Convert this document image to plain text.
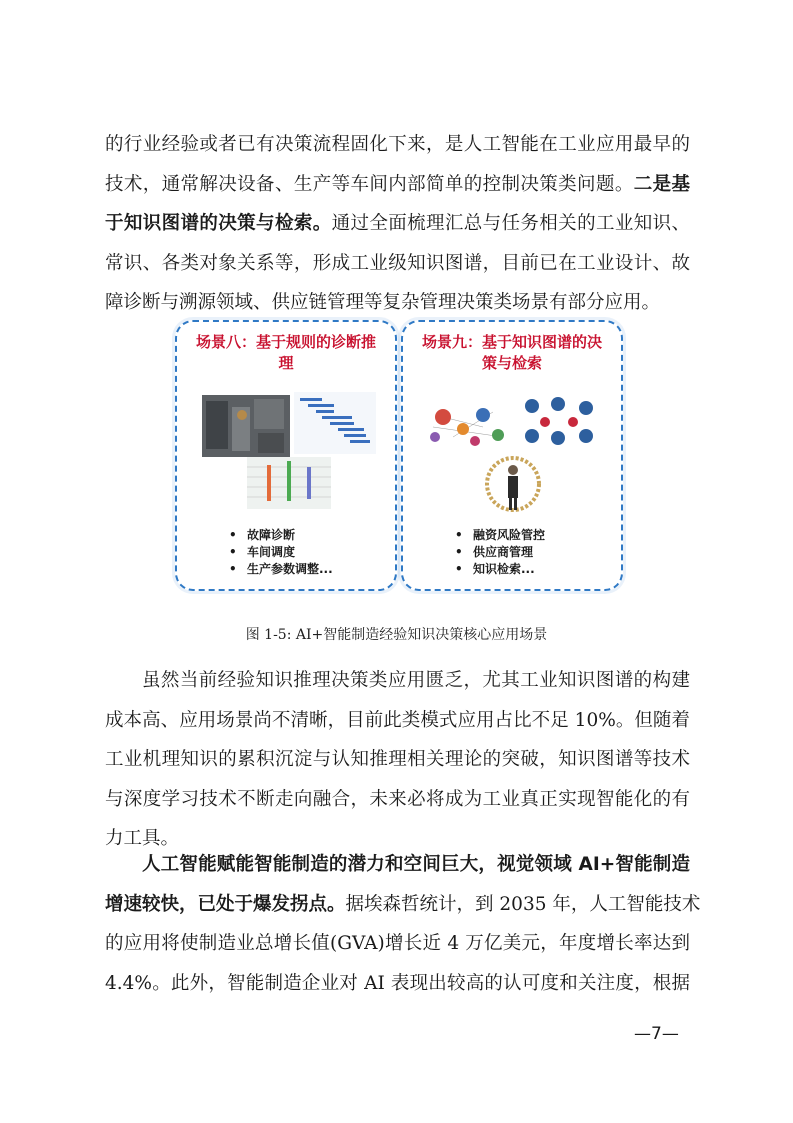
的行业经验或者已有决策流程固化下来，是人工智能在工业应用最早的
技术，通常解决设备、生产等车间内部简单的控制决策类问题。二是基
于知识图谱的决策与检索。通过全面梳理汇总与任务相关的工业知识、
常识、各类对象关系等，形成工业级知识图谱，目前已在工业设计、故
障诊断与溯源领域、供应链管理等复杂管理决策类场景有部分应用。
场景八：基于规则的诊断推理
• 故障诊断
• 车间调度
• 生产参数调整...
场景九：基于知识图谱的决策与检索
• 融资风险管控
• 供应商管理
• 知识检索...
图 1-5: AI+智能制造经验知识决策核心应用场景
虽然当前经验知识推理决策类应用匮乏，尤其工业知识图谱的构建
成本高、应用场景尚不清晰，目前此类模式应用占比不足 10%。但随着
工业机理知识的累积沉淀与认知推理相关理论的突破，知识图谱等技术
与深度学习技术不断走向融合，未来必将成为工业真正实现智能化的有
力工具。
人工智能赋能智能制造的潜力和空间巨大，视觉领域 AI+智能制造
增速较快，已处于爆发拐点。据埃森哲统计，到 2035 年，人工智能技术
的应用将使制造业总增长值(GVA)增长近 4 万亿美元，年度增长率达到
4.4%。此外，智能制造企业对 AI 表现出较高的认可度和关注度，根据
—7—
